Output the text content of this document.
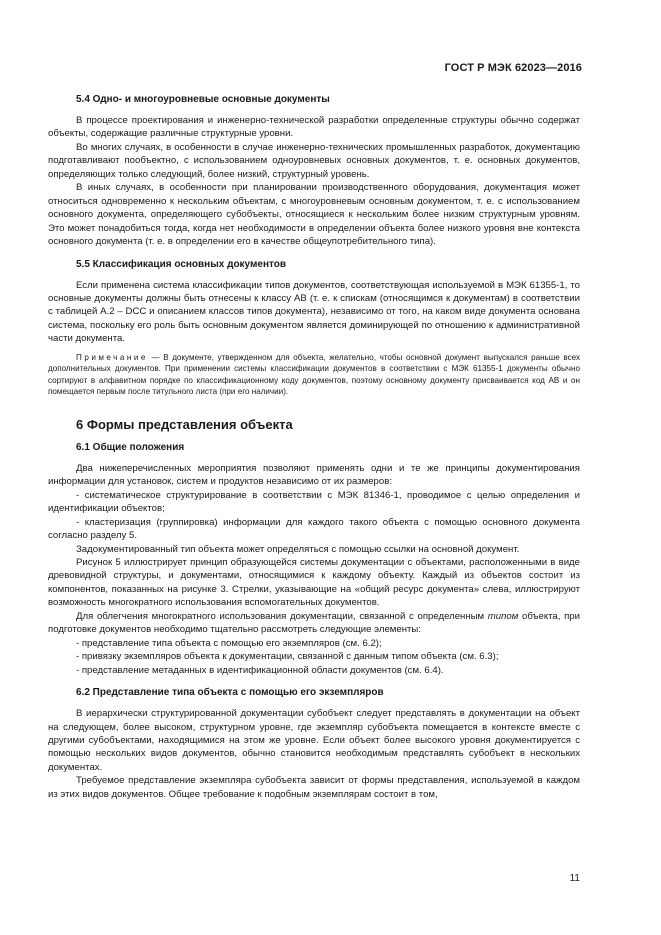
ГОСТ Р МЭК 62023—2016
5.4 Одно- и многоуровневые основные документы

В процессе проектирования и инженерно-технической разработки определенные структуры обычно содержат объекты, содержащие различные структурные уровни.

Во многих случаях, в особенности в случае инженерно-технических промышленных разработок, документацию подготавливают пообъектно, с использованием одноуровневых основных документов, т. е. основных документов, определяющих только следующий, более низкий, структурный уровень.

В иных случаях, в особенности при планировании производственного оборудования, документация может относиться одновременно к нескольким объектам, с многоуровневым основным документом, т. е. с использованием основного документа, определяющего субобъекты, относящиеся к нескольким более низким структурным уровням. Это может понадобиться тогда, когда нет необходимости в определении объекта более низкого уровня вне контекста основного документа (т. е. в определении его в качестве общеупотребительного типа).

5.5 Классификация основных документов

Если применена система классификации типов документов, соответствующая используемой в МЭК 61355-1, то основные документы должны быть отнесены к классу AB (т. е. к спискам (относящимся к документам) в соответствии с таблицей A.2 – DCC и описанием классов типов документа), независимо от того, на каком виде документа основана система, поскольку его роль быть основным документом является доминирующей по отношению к административной части документа.

Примечание — В документе, утвержденном для объекта, желательно, чтобы основной документ выпускался раньше всех дополнительных документов. При применении системы классификации документов в соответствии с МЭК 61355-1 документы обычно сортируют в алфавитном порядке по классификационному коду документов, поэтому основному документу присваивается код AB и он помещается первым после титульного листа (при его наличии).
6 Формы представления объекта
6.1 Общие положения

Два нижеперечисленных мероприятия позволяют применять одни и те же принципы документирования информации для установок, систем и продуктов независимо от их размеров:

- систематическое структурирование в соответствии с МЭК 81346-1, проводимое с целью определения и идентификации объектов;

- кластеризация (группировка) информации для каждого такого объекта с помощью основного документа согласно разделу 5.

Задокументированный тип объекта может определяться с помощью ссылки на основной документ.

Рисунок 5 иллюстрирует принцип образующейся системы документации с объектами, расположенными в виде древовидной структуры, и документами, относящимися к каждому объекту. Каждый из объектов состоит из компонентов, показанных на рисунке 3. Стрелки, указывающие на «общий ресурс документа» слева, иллюстрируют возможность многократного использования вспомогательных документов.

Для облегчения многократного использования документации, связанной с определенным типом объекта, при подготовке документов необходимо тщательно рассмотреть следующие элементы:

- представление типа объекта с помощью его экземпляров (см. 6.2);

- привязку экземпляров объекта к документации, связанной с данным типом объекта (см. 6.3);

- представление метаданных в идентификационной области документов (см. 6.4).

6.2 Представление типа объекта с помощью его экземпляров

В иерархически структурированной документации субобъект следует представлять в документации на объект на следующем, более высоком, структурном уровне, где экземпляр субобъекта помещается в контексте вместе с другими субобъектами, находящимися на этом же уровне. Если объект более высокого уровня документируется с помощью нескольких видов документов, обычно становится необходимым представлять субобъект в нескольких документах.

Требуемое представление экземпляра субобъекта зависит от формы представления, используемой в каждом из этих видов документов. Общее требование к подобным экземплярам состоит в том,

11
